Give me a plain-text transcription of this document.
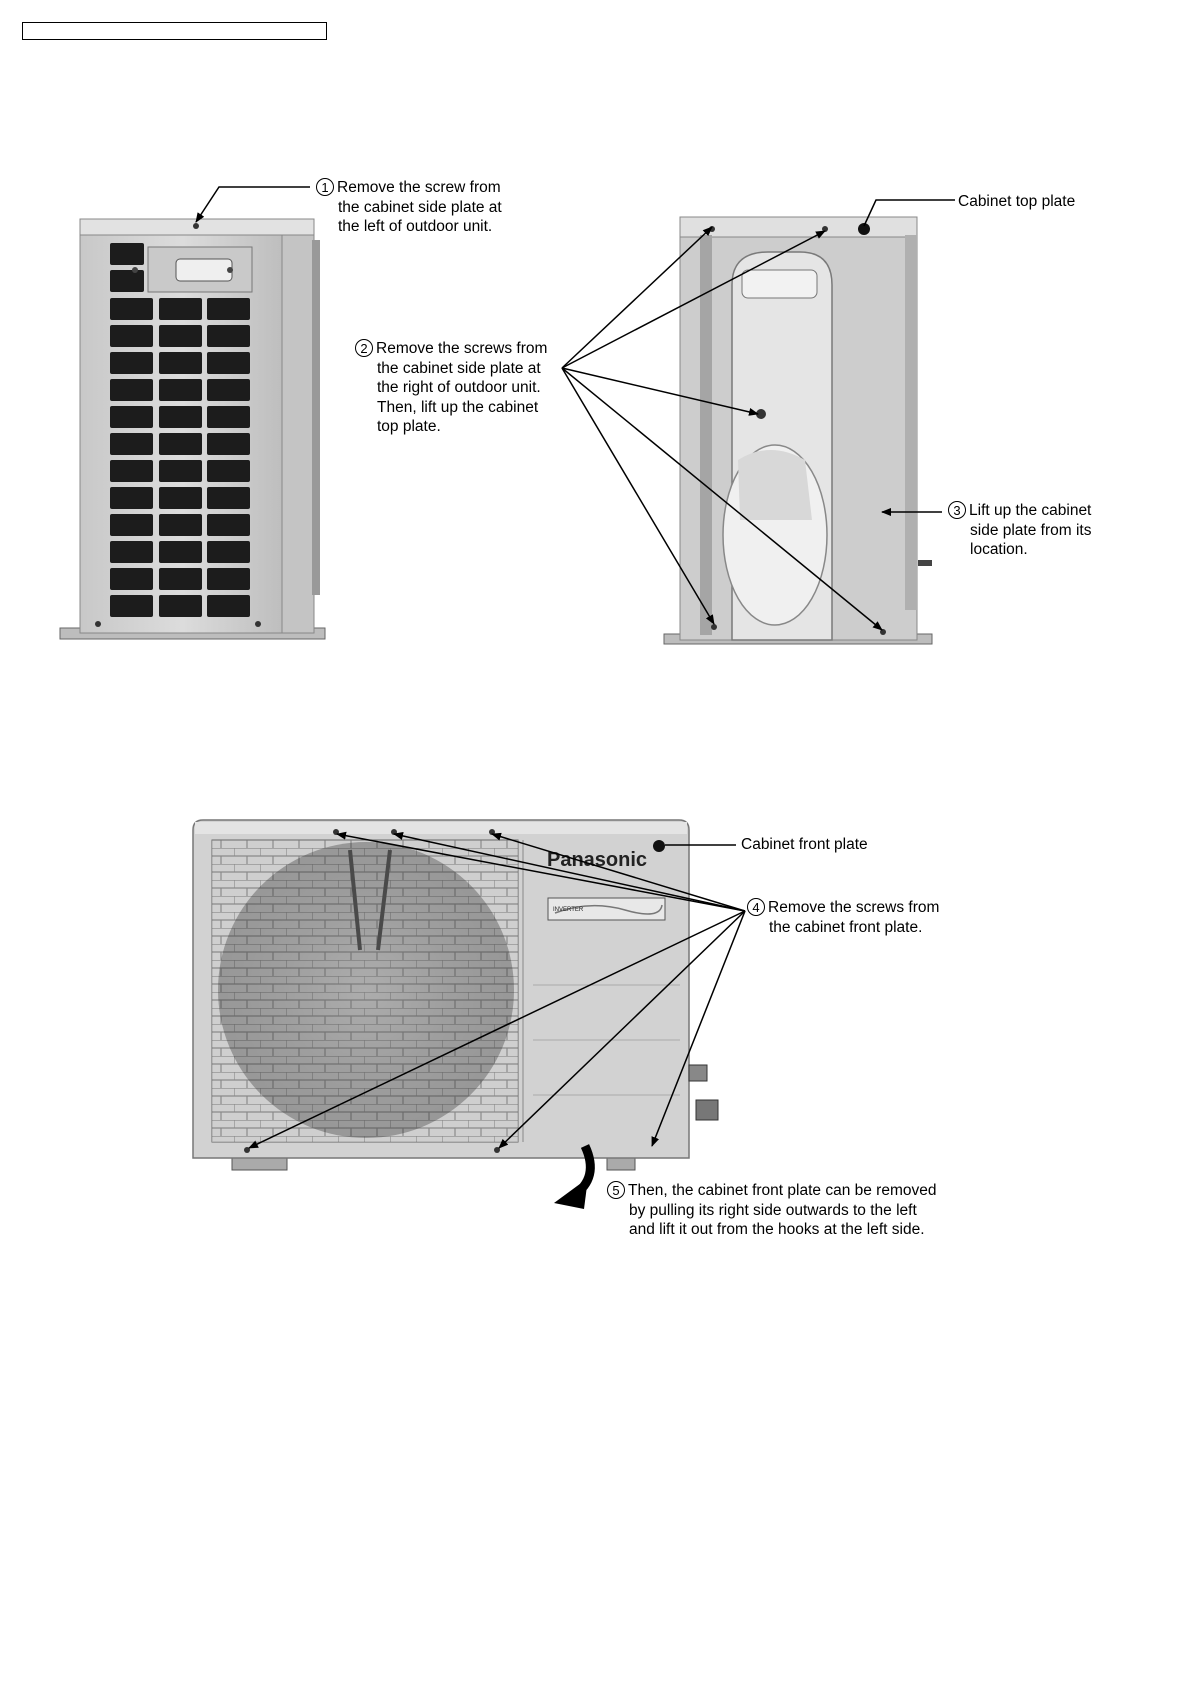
Panasonic
INVERTER
1 Remove the screw from
the cabinet side plate at
the left of outdoor unit.
2 Remove the screws from
the cabinet side plate at
the right of outdoor unit.
Then, lift up the cabinet
top plate.
Cabinet top plate
3 Lift up the cabinet
side plate from its
location.
Cabinet front plate
4 Remove the screws from
the cabinet front plate.
5 Then, the cabinet front plate can be removed
by pulling its right side outwards to the left
and lift it out from the hooks at the left side.
